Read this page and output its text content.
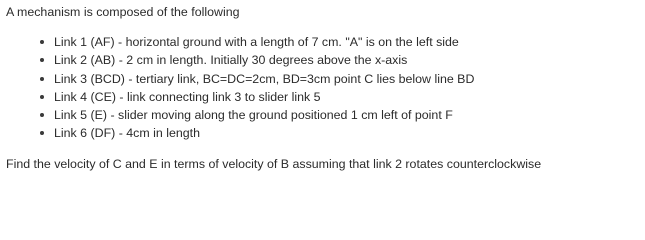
A mechanism is composed of the following

Link 1 (AF) - horizontal ground with a length of 7 cm. "A" is on the left side
Link 2 (AB) - 2 cm in length. Initially 30 degrees above the x-axis
Link 3 (BCD) - tertiary link, BC=DC=2cm, BD=3cm point C lies below line BD
Link 4 (CE) - link connecting link 3 to slider link 5
Link 5 (E) - slider moving along the ground positioned 1 cm left of point F
Link 6 (DF) - 4cm in length

Find the velocity of C and E in terms of velocity of B assuming that link 2 rotates counterclockwise
